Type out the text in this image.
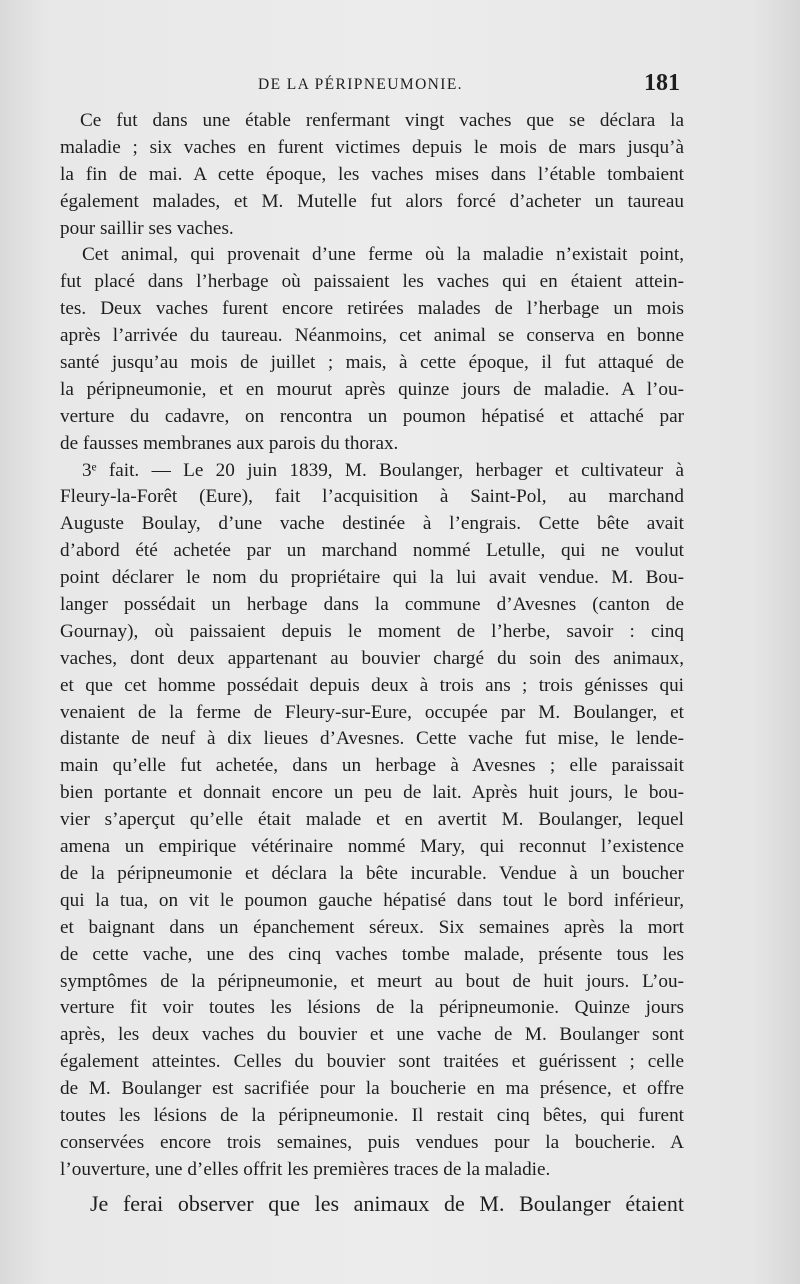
DE LA PÉRIPNEUMONIE.	181
Ce fut dans une étable renfermant vingt vaches que se déclara la
maladie ; six vaches en furent victimes depuis le mois de mars jusqu’à
la fin de mai. A cette époque, les vaches mises dans l’étable tombaient
également malades, et M. Mutelle fut alors forcé d’acheter un taureau
pour saillir ses vaches.
Cet animal, qui provenait d’une ferme où la maladie n’existait point,
fut placé dans l’herbage où paissaient les vaches qui en étaient attein-
tes. Deux vaches furent encore retirées malades de l’herbage un mois
après l’arrivée du taureau. Néanmoins, cet animal se conserva en bonne
santé jusqu’au mois de juillet ; mais, à cette époque, il fut attaqué de
la péripneumonie, et en mourut après quinze jours de maladie. A l’ou-
verture du cadavre, on rencontra un poumon hépatisé et attaché par
de fausses membranes aux parois du thorax.
3ᵉ fait. — Le 20 juin 1839, M. Boulanger, herbager et cultivateur à
Fleury-la-Forêt (Eure), fait l’acquisition à Saint-Pol, au marchand
Auguste Boulay, d’une vache destinée à l’engrais. Cette bête avait
d’abord été achetée par un marchand nommé Letulle, qui ne voulut
point déclarer le nom du propriétaire qui la lui avait vendue. M. Bou-
langer possédait un herbage dans la commune d’Avesnes (canton de
Gournay), où paissaient depuis le moment de l’herbe, savoir : cinq
vaches, dont deux appartenant au bouvier chargé du soin des animaux,
et que cet homme possédait depuis deux à trois ans ; trois génisses qui
venaient de la ferme de Fleury-sur-Eure, occupée par M. Boulanger, et
distante de neuf à dix lieues d’Avesnes. Cette vache fut mise, le lende-
main qu’elle fut achetée, dans un herbage à Avesnes ; elle paraissait
bien portante et donnait encore un peu de lait. Après huit jours, le bou-
vier s’aperçut qu’elle était malade et en avertit M. Boulanger, lequel
amena un empirique vétérinaire nommé Mary, qui reconnut l’existence
de la péripneumonie et déclara la bête incurable. Vendue à un boucher
qui la tua, on vit le poumon gauche hépatisé dans tout le bord inférieur,
et baignant dans un épanchement séreux. Six semaines après la mort
de cette vache, une des cinq vaches tombe malade, présente tous les
symptômes de la péripneumonie, et meurt au bout de huit jours. L’ou-
verture fit voir toutes les lésions de la péripneumonie. Quinze jours
après, les deux vaches du bouvier et une vache de M. Boulanger sont
également atteintes. Celles du bouvier sont traitées et guérissent ; celle
de M. Boulanger est sacrifiée pour la boucherie en ma présence, et offre
toutes les lésions de la péripneumonie. Il restait cinq bêtes, qui furent
conservées encore trois semaines, puis vendues pour la boucherie. A
l’ouverture, une d’elles offrit les premières traces de la maladie.
Je ferai observer que les animaux de M. Boulanger étaient
